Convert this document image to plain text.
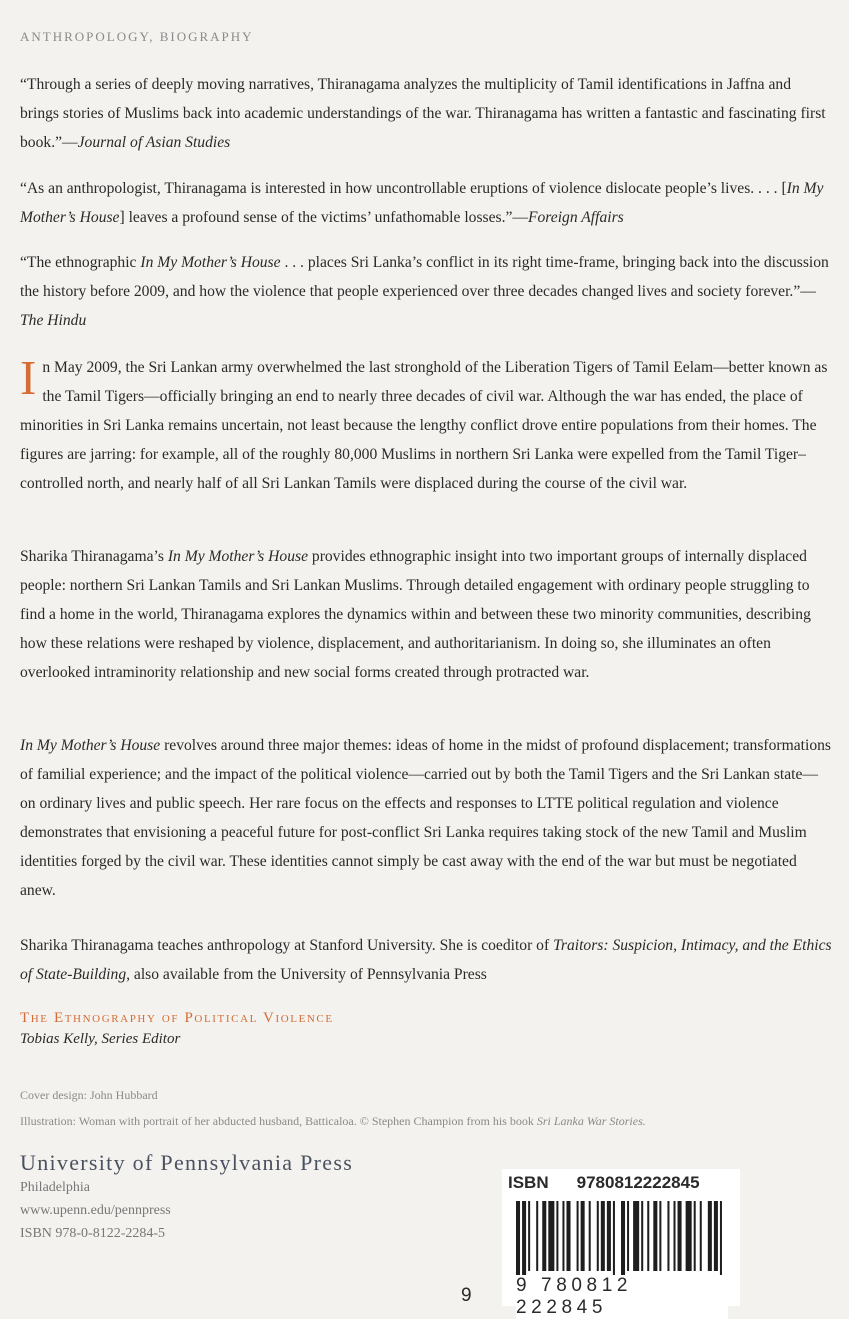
ANTHROPOLOGY, BIOGRAPHY
“Through a series of deeply moving narratives, Thiranagama analyzes the multiplicity of Tamil identifications in Jaffna and brings stories of Muslims back into academic understandings of the war. Thiranagama has written a fantastic and fascinating first book.”—Journal of Asian Studies
“As an anthropologist, Thiranagama is interested in how uncontrollable eruptions of violence dislocate people’s lives. . . . [In My Mother’s House] leaves a profound sense of the victims’ unfathomable losses.”—Foreign Affairs
“The ethnographic In My Mother’s House . . . places Sri Lanka’s conflict in its right time-frame, bringing back into the discussion the history before 2009, and how the violence that people experienced over three decades changed lives and society forever.”—The Hindu
In May 2009, the Sri Lankan army overwhelmed the last stronghold of the Liberation Tigers of Tamil Eelam—better known as the Tamil Tigers—officially bringing an end to nearly three decades of civil war. Although the war has ended, the place of minorities in Sri Lanka remains uncertain, not least because the lengthy conflict drove entire populations from their homes. The figures are jarring: for example, all of the roughly 80,000 Muslims in northern Sri Lanka were expelled from the Tamil Tiger–controlled north, and nearly half of all Sri Lankan Tamils were displaced during the course of the civil war.
Sharika Thiranagama’s In My Mother’s House provides ethnographic insight into two important groups of internally displaced people: northern Sri Lankan Tamils and Sri Lankan Muslims. Through detailed engagement with ordinary people struggling to find a home in the world, Thiranagama explores the dynamics within and between these two minority communities, describing how these relations were reshaped by violence, displacement, and authoritarianism. In doing so, she illuminates an often overlooked intraminority relationship and new social forms created through protracted war.
In My Mother’s House revolves around three major themes: ideas of home in the midst of profound displacement; transformations of familial experience; and the impact of the political violence—carried out by both the Tamil Tigers and the Sri Lankan state—on ordinary lives and public speech. Her rare focus on the effects and responses to LTTE political regulation and violence demonstrates that envisioning a peaceful future for post-conflict Sri Lanka requires taking stock of the new Tamil and Muslim identities forged by the civil war. These identities cannot simply be cast away with the end of the war but must be negotiated anew.
Sharika Thiranagama teaches anthropology at Stanford University. She is coeditor of Traitors: Suspicion, Intimacy, and the Ethics of State-Building, also available from the University of Pennsylvania Press
The Ethnography of Political Violence
Tobias Kelly, Series Editor
Cover design: John Hubbard
Illustration: Woman with portrait of her abducted husband, Batticaloa. © Stephen Champion from his book Sri Lanka War Stories.
University of Pennsylvania Press
Philadelphia
www.upenn.edu/pennpress
ISBN 978-0-8122-2284-5
ISBN 9780812222845
9 780812 222845
9
